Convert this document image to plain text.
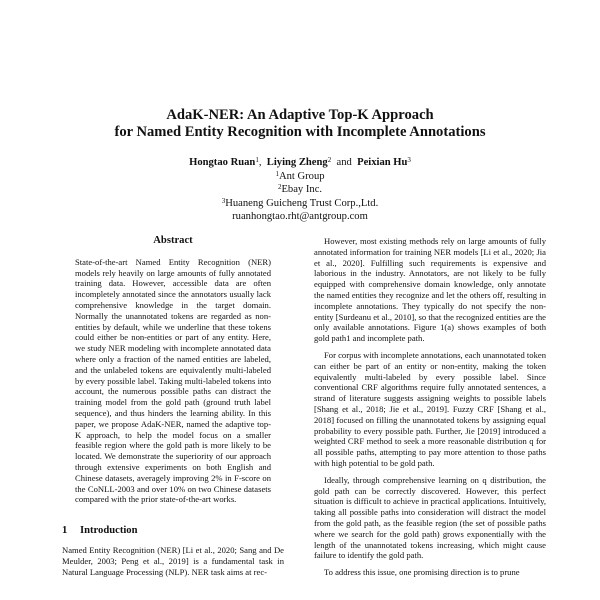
AdaK-NER: An Adaptive Top-K Approach
for Named Entity Recognition with Incomplete Annotations
Hongtao Ruan$^1$, Liying Zheng$^2$ and Peixian Hu$^3$
$^1$Ant Group
$^2$Ebay Inc.
$^3$Huaneng Guicheng Trust Corp.,Ltd.
ruanhongtao.rht@antgroup.com
Abstract

State-of-the-art Named Entity Recognition (NER) models rely heavily on large amounts of fully annotated training data. However, accessible data are often incompletely annotated since the annotators usually lack comprehensive knowledge in the target domain. Normally the unannotated tokens are regarded as non-entities by default, while we underline that these tokens could either be non-entities or part of any entity. Here, we study NER modeling with incomplete annotated data where only a fraction of the named entities are labeled, and the unlabeled tokens are equivalently multi-labeled by every possible label. Taking multi-labeled tokens into account, the numerous possible paths can distract the training model from the gold path (ground truth label sequence), and thus hinders the learning ability. In this paper, we propose AdaK-NER, named the adaptive top-K approach, to help the model focus on a smaller feasible region where the gold path is more likely to be located. We demonstrate the superiority of our approach through extensive experiments on both English and Chinese datasets, averagely improving 2% in F-score on the CoNLL-2003 and over 10% on two Chinese datasets compared with the prior state-of-the-art works.

1 Introduction

Named Entity Recognition (NER) [Li et al., 2020; Sang and De Meulder, 2003; Peng et al., 2019] is a fundamental task in Natural Language Processing (NLP). NER task aims at rec-

However, most existing methods rely on large amounts of fully annotated information for training NER models [Li et al., 2020; Jia et al., 2020]. Fulfilling such requirements is expensive and laborious in the industry. Annotators, are not likely to be fully equipped with comprehensive domain knowledge, only annotate the named entities they recognize and let the others off, resulting in incomplete annotations. They typically do not specify the non-entity [Surdeanu et al., 2010], so that the recognized entities are the only available annotations. Figure 1(a) shows examples of both gold path1 and incomplete path.

For corpus with incomplete annotations, each unannotated token can either be part of an entity or non-entity, making the token equivalently multi-labeled by every possible label. Since conventional CRF algorithms require fully annotated sentences, a strand of literature suggests assigning weights to possible labels [Shang et al., 2018; Jie et al., 2019]. Fuzzy CRF [Shang et al., 2018] focused on filling the unannotated tokens by assigning equal probability to every possible path. Further, Jie [2019] introduced a weighted CRF method to seek a more reasonable distribution q for all possible paths, attempting to pay more attention to those paths with high potential to be gold path.

Ideally, through comprehensive learning on q distribution, the gold path can be correctly discovered. However, this perfect situation is difficult to achieve in practical applications. Intuitively, taking all possible paths into consideration will distract the model from the gold path, as the feasible region (the set of possible paths where we search for the gold path) grows exponentially with the length of the unannotated tokens increasing, which might cause failure to identify the gold path.

To address this issue, one promising direction is to prune
